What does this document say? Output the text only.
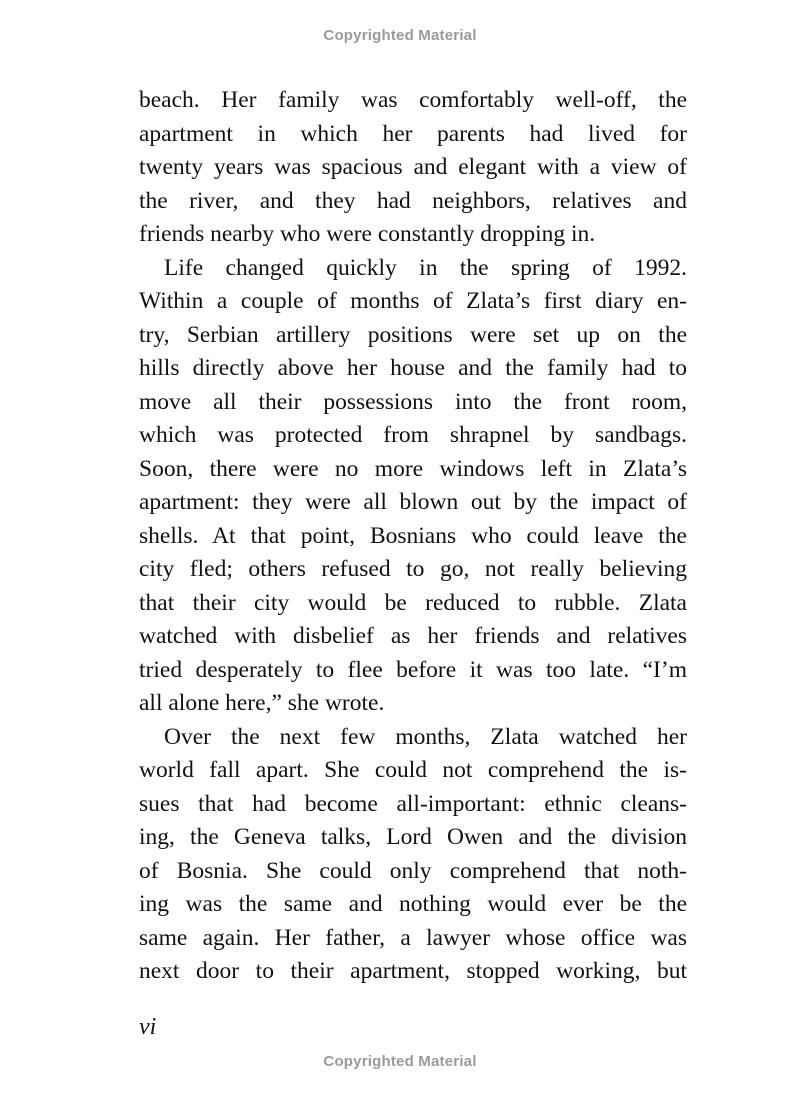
Copyrighted Material

beach. Her family was comfortably well-off, the
apartment in which her parents had lived for
twenty years was spacious and elegant with a view of
the river, and they had neighbors, relatives and
friends nearby who were constantly dropping in.

Life changed quickly in the spring of 1992.
Within a couple of months of Zlata’s first diary en-
try, Serbian artillery positions were set up on the
hills directly above her house and the family had to
move all their possessions into the front room,
which was protected from shrapnel by sandbags.
Soon, there were no more windows left in Zlata’s
apartment: they were all blown out by the impact of
shells. At that point, Bosnians who could leave the
city fled; others refused to go, not really believing
that their city would be reduced to rubble. Zlata
watched with disbelief as her friends and relatives
tried desperately to flee before it was too late. “I’m
all alone here,” she wrote.

Over the next few months, Zlata watched her
world fall apart. She could not comprehend the is-
sues that had become all-important: ethnic cleans-
ing, the Geneva talks, Lord Owen and the division
of Bosnia. She could only comprehend that noth-
ing was the same and nothing would ever be the
same again. Her father, a lawyer whose office was
next door to their apartment, stopped working, but

vi
Copyrighted Material
